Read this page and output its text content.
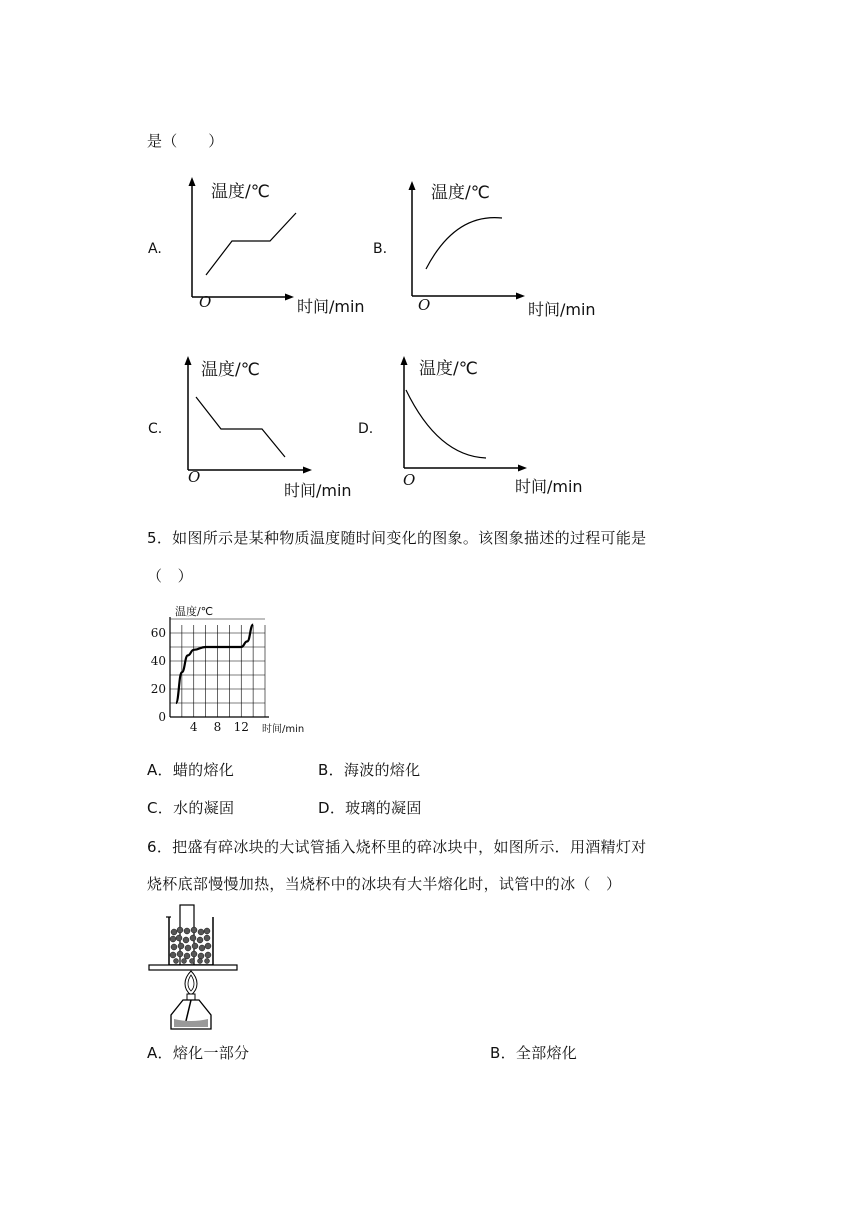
是（　　）
A.
温度/℃
O	时间/min
B.
温度/℃
O	时间/min
C.
温度/℃
O
时间/min
D.
温度/℃
O	时间/min
5．如图所示是某种物质温度随时间变化的图象。该图象描述的过程可能是
（　）
0
20
40
60
4 8 12
温度/℃
时间/min
A．蜡的熔化	B．海波的熔化
C．水的凝固	D．玻璃的凝固
6．把盛有碎冰块的大试管插入烧杯里的碎冰块中，如图所示．用酒精灯对
烧杯底部慢慢加热，当烧杯中的冰块有大半熔化时，试管中的冰（　）
A．熔化一部分	B．全部熔化
